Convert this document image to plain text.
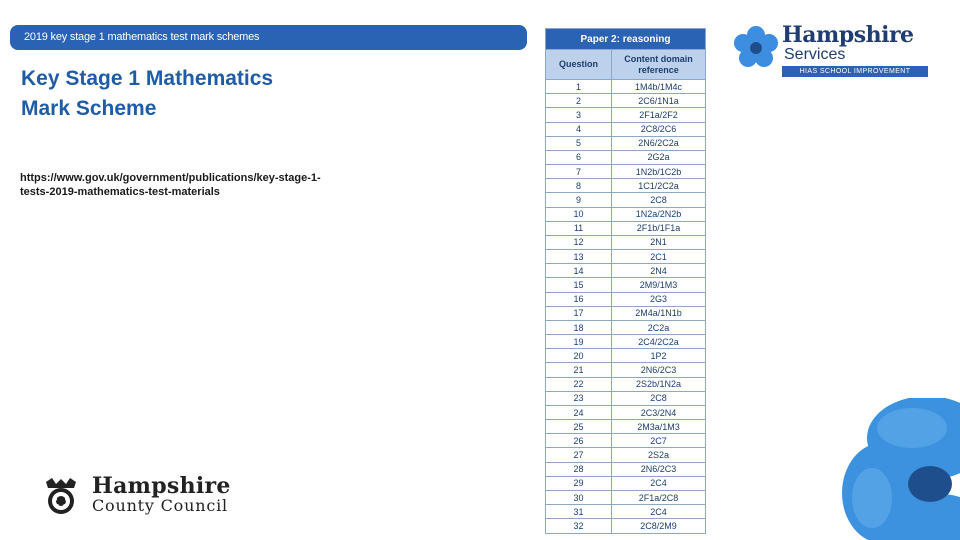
2019 key stage 1 mathematics test mark schemes
Key Stage 1 Mathematics
Mark Scheme
https://www.gov.uk/government/publications/key-stage-1-
tests-2019-mathematics-test-materials
Paper 2: reasoning	
Question	Content domain
reference
1	1M4b/1M4c
2	2C6/1N1a
3	2F1a/2F2
4	2C8/2C6
5	2N6/2C2a
6	2G2a
7	1N2b/1C2b
8	1C1/2C2a
9	2C8
10	1N2a/2N2b
11	2F1b/1F1a
12	2N1
13	2C1
14	2N4
15	2M9/1M3
16	2G3
17	2M4a/1N1b
18	2C2a
19	2C4/2C2a
20	1P2
21	2N6/2C3
22	2S2b/1N2a
23	2C8
24	2C3/2N4
25	2M3a/1M3
26	2C7
27	2S2a
28	2N6/2C3
29	2C4
30	2F1a/2C8
31	2C4
32	2C8/2M9
Hampshire
Services
HIAS SCHOOL IMPROVEMENT
Hampshire
County Council
